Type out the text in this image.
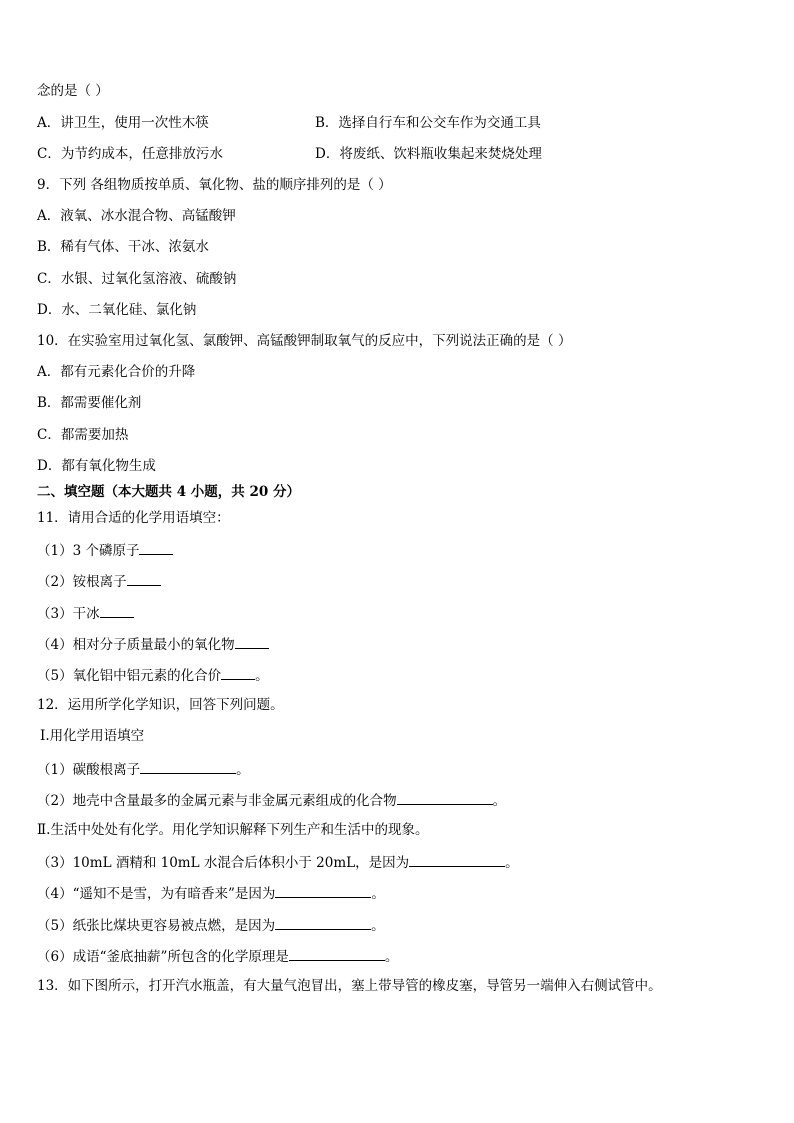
念的是（ ）
A．讲卫生，使用一次性木筷	B．选择自行车和公交车作为交通工具
C．为节约成本，任意排放污水	D．将废纸、饮料瓶收集起来焚烧处理
9．下列 各组物质按单质、氧化物、盐的顺序排列的是（ ）
A．液氧、冰水混合物、高锰酸钾
B．稀有气体、干冰、浓氨水
C．水银、过氧化氢溶液、硫酸钠
D．水、二氧化硅、氯化钠
10．在实验室用过氧化氢、氯酸钾、高锰酸钾制取氧气的反应中，下列说法正确的是（ ）
A．都有元素化合价的升降
B．都需要催化剂
C．都需要加热
D．都有氧化物生成
二、填空题（本大题共 4 小题，共 20 分）
11．请用合适的化学用语填空：
（1）3 个磷原子
（2）铵根离子
（3）干冰
（4）相对分子质量最小的氧化物
（5）氧化铝中铝元素的化合价	。
12．运用所学化学知识，回答下列问题。
Ⅰ.用化学用语填空
（1）碳酸根离子	。
（2）地壳中含量最多的金属元素与非金属元素组成的化合物	。
Ⅱ.生活中处处有化学。用化学知识解释下列生产和生活中的现象。
（3）10mL 酒精和 10mL 水混合后体积小于 20mL，是因为	。
（4）“遥知不是雪，为有暗香来”是因为	。
（5）纸张比煤块更容易被点燃，是因为	。
（6）成语“釜底抽薪”所包含的化学原理是	。
13．如下图所示，打开汽水瓶盖，有大量气泡冒出，塞上带导管的橡皮塞，导管另一端伸入右侧试管中。
